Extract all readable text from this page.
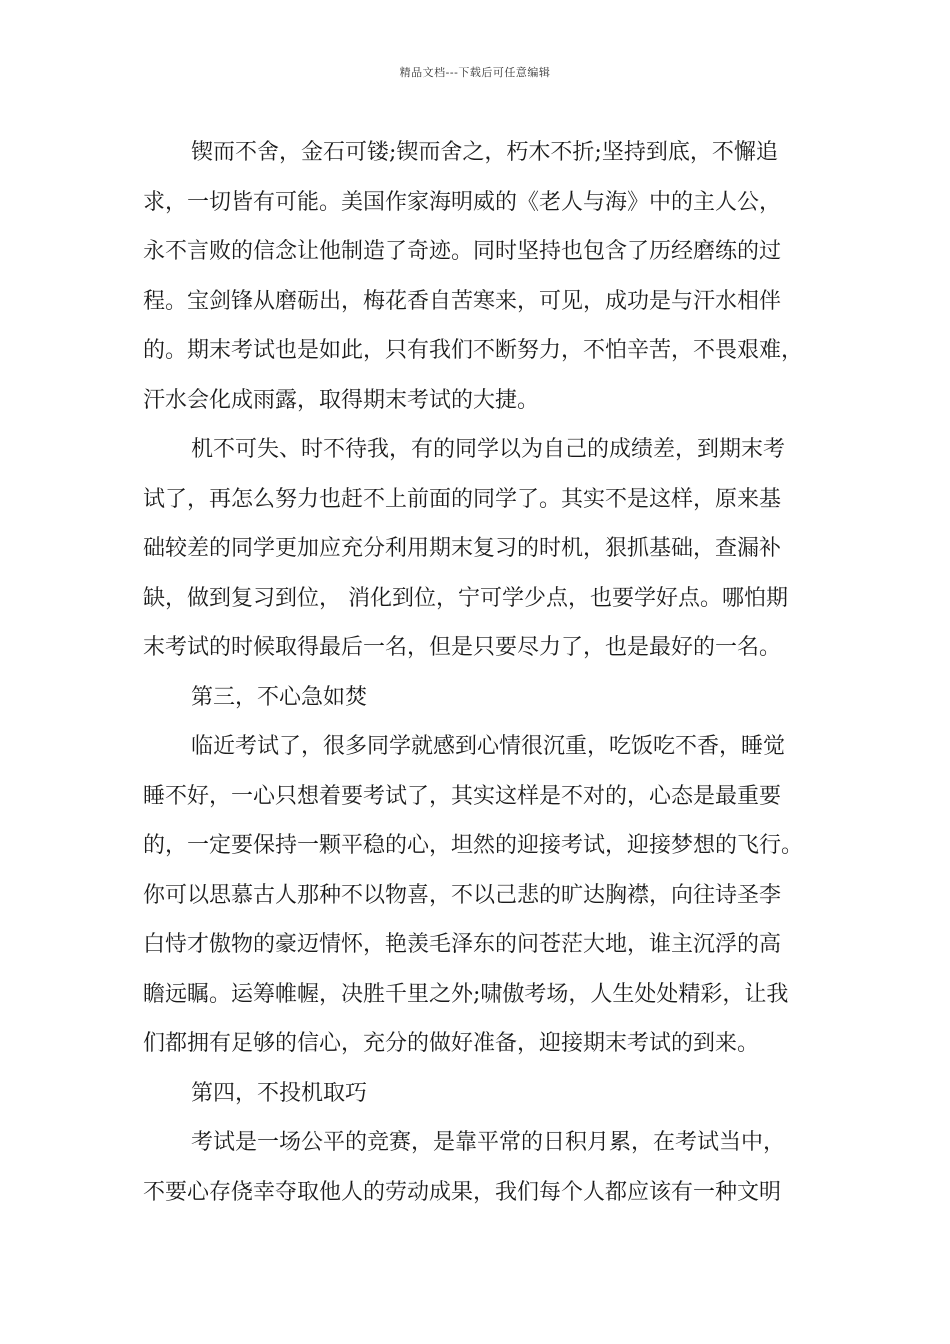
精品文档---下载后可任意编辑
锲而不舍，金石可镂;锲而舍之，朽木不折;坚持到底，不懈追
求，一切皆有可能。美国作家海明威的《老人与海》中的主人公，
永不言败的信念让他制造了奇迹。同时坚持也包含了历经磨练的过
程。宝剑锋从磨砺出，梅花香自苦寒来，可见，成功是与汗水相伴
的。期末考试也是如此，只有我们不断努力，不怕辛苦，不畏艰难，
汗水会化成雨露，取得期末考试的大捷。
机不可失、时不待我，有的同学以为自己的成绩差，到期末考
试了，再怎么努力也赶不上前面的同学了。其实不是这样，原来基
础较差的同学更加应充分利用期末复习的时机，狠抓基础，查漏补
缺，做到复习到位， 消化到位，宁可学少点，也要学好点。哪怕期
末考试的时候取得最后一名，但是只要尽力了，也是最好的一名。
第三，不心急如焚
临近考试了，很多同学就感到心情很沉重，吃饭吃不香，睡觉
睡不好，一心只想着要考试了，其实这样是不对的，心态是最重要
的，一定要保持一颗平稳的心，坦然的迎接考试，迎接梦想的飞行。
你可以思慕古人那种不以物喜，不以己悲的旷达胸襟，向往诗圣李
白恃才傲物的豪迈情怀，艳羡毛泽东的问苍茫大地，谁主沉浮的高
瞻远瞩。运筹帷幄，决胜千里之外;啸傲考场，人生处处精彩，让我
们都拥有足够的信心，充分的做好准备，迎接期末考试的到来。
第四，不投机取巧
考试是一场公平的竞赛，是靠平常的日积月累，在考试当中，
不要心存侥幸夺取他人的劳动成果，我们每个人都应该有一种文明
